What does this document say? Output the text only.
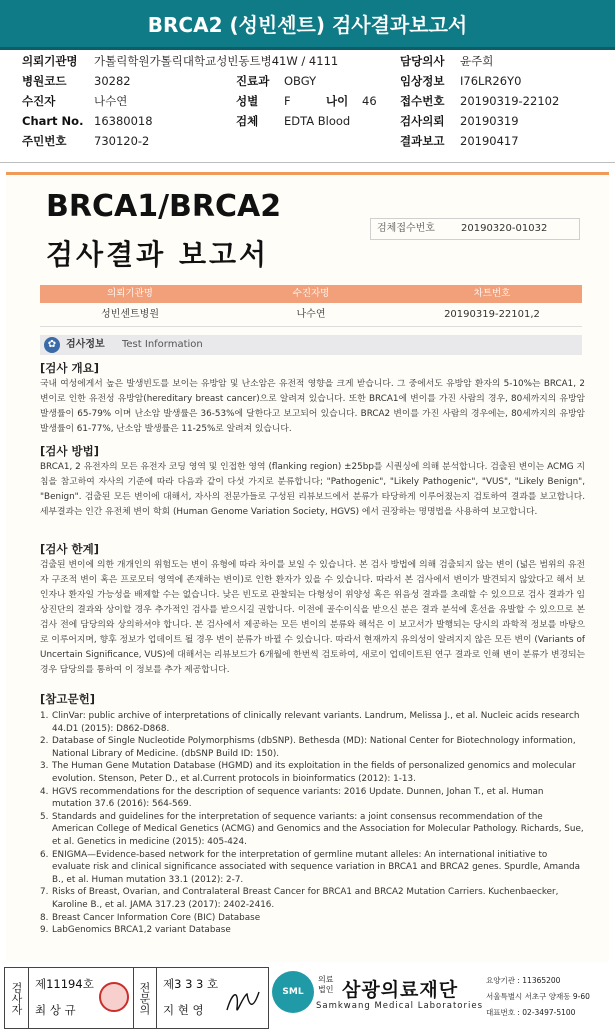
BRCA2 (성빈센트) 검사결과보고서
의뢰기관명 가톨릭학원가톨릭대학교성빈동트병41W / 4111	담당의사 윤주희
병원코드 30282	진료과 OBGY	임상정보 I76LR26Y0
수진자	나수연	성별 F	나이 46 접수번호 20190319-22102
Chart No. 16380018	검체 EDTA Blood	검사의뢰 20190319
주민번호 730120-2	결과보고 20190417
BRCA1/BRCA2
검사결과 보고서
검체접수번호	20190320-01032
의뢰기관명	수진자명	차트번호
성빈센트병원	나수연	20190319-22101,2
✿ 검사정보 Test Information
[검사 개요]
국내 여성에게서 높은 발생빈도를 보이는 유방암 및 난소암은 유전적 영향을 크게 받습니다. 그 중에서도 유방암 환자의 5-10%는 BRCA1, 2 변이로 인한 유전성 유방암(hereditary breast cancer)으로 알려져 있습니다. 또한 BRCA1에 변이를 가진 사람의 경우, 80세까지의 유방암 발생률이 65-79% 이며 난소암 발생률은 36-53%에 달한다고 보고되어 있습니다. BRCA2 변이를 가진 사람의 경우에는, 80세까지의 유방암 발생률이 61-77%, 난소암 발생률은 11-25%로 알려져 있습니다.
[검사 방법]
BRCA1, 2 유전자의 모든 유전자 코딩 영역 및 인접한 영역 (flanking region) ±25bp를 시퀀싱에 의해 분석합니다. 검출된 변이는 ACMG 지침을 참고하여 자사의 기준에 따라 다음과 같이 다섯 가지로 분류합니다; "Pathogenic", "Likely Pathogenic", "VUS", "Likely Benign", "Benign". 검출된 모든 변이에 대해서, 자사의 전문가들로 구성된 리뷰보드에서 분류가 타당하게 이루어졌는지 검토하여 결과를 보고합니다. 세부결과는 인간 유전체 변이 학회 (Human Genome Variation Society, HGVS) 에서 권장하는 명명법을 사용하여 보고합니다.
[검사 한계]
검출된 변이에 의한 개개인의 위험도는 변이 유형에 따라 차이를 보일 수 있습니다. 본 검사 방법에 의해 검출되지 않는 변이 (넓은 범위의 유전자 구조적 변이 혹은 프로모터 영역에 존재하는 변이)로 인한 환자가 있을 수 있습니다. 따라서 본 검사에서 변이가 발견되지 않았다고 해서 보인자나 환자일 가능성을 배제할 수는 없습니다. 낮은 빈도로 관찰되는 다형성이 위양성 혹은 위음성 결과를 초래할 수 있으므로 검사 결과가 임상진단의 결과와 상이할 경우 추가적인 검사를 받으시길 권합니다. 이전에 골수이식을 받으신 분은 결과 분석에 혼선을 유발할 수 있으므로 본 검사 전에 담당의와 상의하셔야 합니다. 본 검사에서 제공하는 모든 변이의 분류와 해석은 이 보고서가 발행되는 당시의 과학적 정보를 바탕으로 이루어지며, 향후 정보가 업데이트 될 경우 변이 분류가 바뀔 수 있습니다. 따라서 현재까지 유의성이 알려지지 않은 모든 변이 (Variants of Uncertain Significance, VUS)에 대해서는 리뷰보드가 6개월에 한번씩 검토하여, 새로이 업데이트된 연구 결과로 인해 변이 분류가 변경되는 경우 담당의를 통하여 이 정보를 추가 제공합니다.
[참고문헌]
1. ClinVar: public archive of interpretations of clinically relevant variants. Landrum, Melissa J., et al. Nucleic acids research 44.D1 (2015): D862-D868.
2. Database of Single Nucleotide Polymorphisms (dbSNP). Bethesda (MD): National Center for Biotechnology information, National Library of Medicine. (dbSNP Build ID: 150).
3. The Human Gene Mutation Database (HGMD) and its exploitation in the fields of personalized genomics and molecular evolution. Stenson, Peter D., et al.Current protocols in bioinformatics (2012): 1-13.
4. HGVS recommendations for the description of sequence variants: 2016 Update. Dunnen, Johan T., et al. Human mutation 37.6 (2016): 564-569.
5. Standards and guidelines for the interpretation of sequence variants: a joint consensus recommendation of the American College of Medical Genetics (ACMG) and Genomics and the Association for Molecular Pathology. Richards, Sue, et al. Genetics in medicine (2015): 405-424.
6. ENIGMA—Evidence-based network for the interpretation of germline mutant alleles: An international initiative to evaluate risk and clinical significance associated with sequence variation in BRCA1 and BRCA2 genes. Spurdle, Amanda B., et al. Human mutation 33.1 (2012): 2-7.
7. Risks of Breast, Ovarian, and Contralateral Breast Cancer for BRCA1 and BRCA2 Mutation Carriers. Kuchenbaecker, Karoline B., et al. JAMA 317.23 (2017): 2402-2416.
8. Breast Cancer Information Core (BIC) Database
9. LabGenomics BRCA1,2 variant Database
검사자	제11194호
최 상 규	전문의	제3 3 3 호
지 현 영
SML
의료법인 삼광의료재단
Samkwang Medical Laboratories
요양기관 : 11365200
서울특별시 서초구 양재동 9-60
대표번호 : 02-3497-5100
